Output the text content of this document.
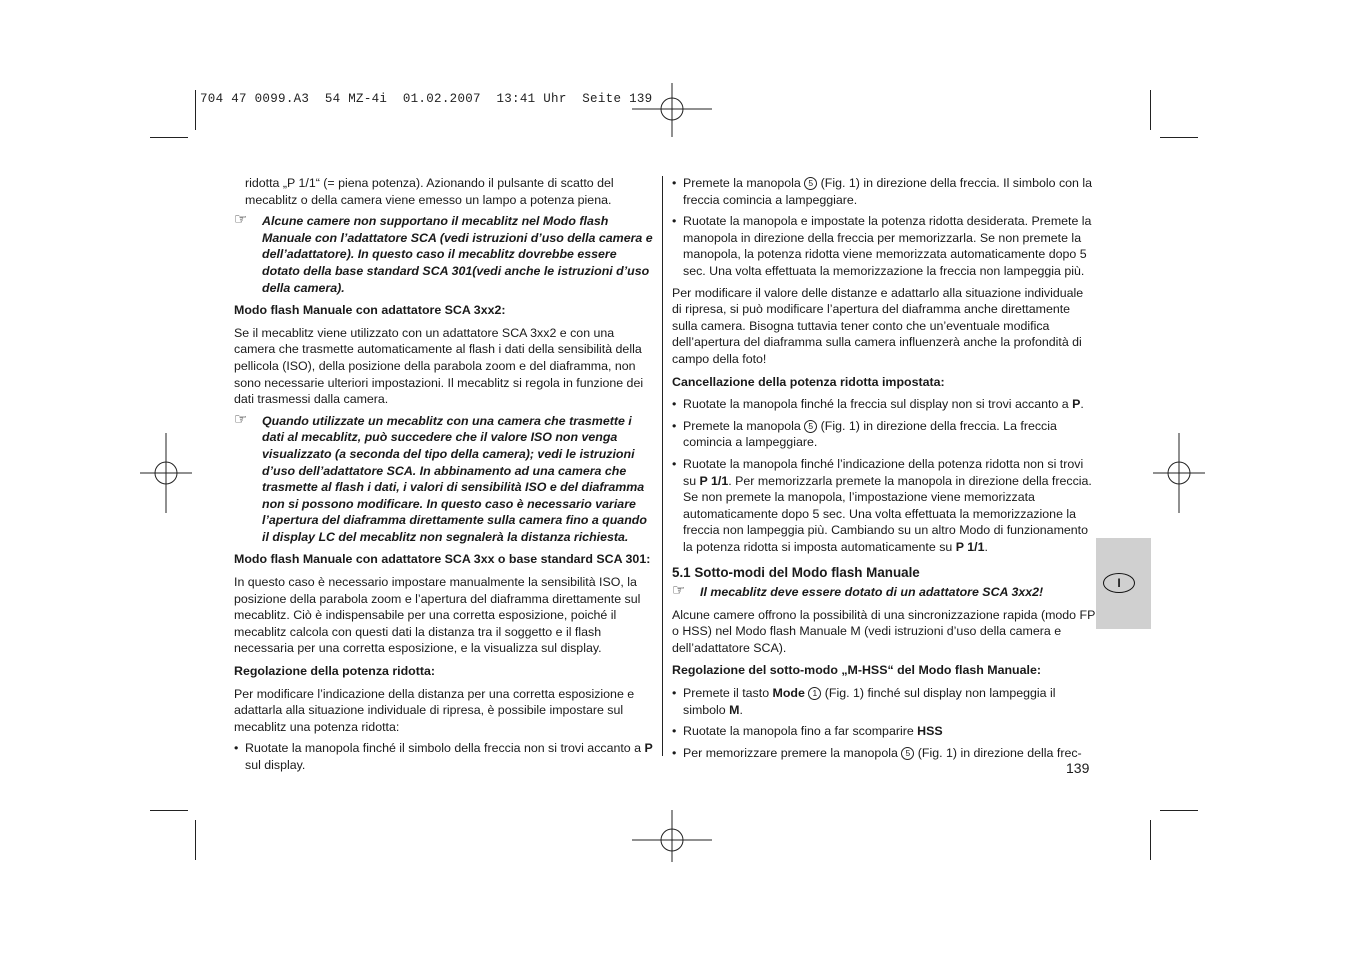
704 47 0099.A3  54 MZ-4i  01.02.2007  13:41 Uhr  Seite 139

ridotta „P 1/1“ (= piena potenza). Azionando il pulsante di scatto del mecablitz o della camera viene emesso un lampo a potenza piena.

☞ Alcune camere non supportano il mecablitz nel Modo flash Manuale con l’adattatore SCA (vedi istruzioni d’uso della camera e dell’adattatore). In questo caso il mecablitz dovrebbe essere dotato della base standard SCA 301(vedi anche le istruzioni d’uso della camera).

Modo flash Manuale con adattatore SCA 3xx2:

Se il mecablitz viene utilizzato con un adattatore SCA 3xx2 e con una camera che trasmette automaticamente al flash i dati della sensibilità della pellicola (ISO), della posizione della parabola zoom e del diaframma, non sono necessarie ulteriori impostazioni. Il mecablitz si regola in funzione dei dati trasmessi dalla camera.

☞ Quando utilizzate un mecablitz con una camera che trasmette i dati al mecablitz, può succedere che il valore ISO non venga visualizzato (a seconda del tipo della camera); vedi le istruzioni d’uso dell’adattatore SCA. In abbinamento ad una camera che trasmette al flash i dati, i valori di sensibilità ISO e del diaframma non si possono modificare. In questo caso è necessario variare l’apertura del diaframma direttamente sulla camera fino a quando il display LC del mecablitz non segnalerà la distanza richiesta.

Modo flash Manuale con adattatore SCA 3xx o base standard SCA 301:

In questo caso è necessario impostare manualmente la sensibilità ISO, la posizione della parabola zoom e l’apertura del diaframma direttamente sul mecablitz. Ciò è indispensabile per una corretta esposizione, poiché il mecablitz calcola con questi dati la distanza tra il soggetto e il flash necessaria per una corretta esposizione, e la visualizza sul display.

Regolazione della potenza ridotta:

Per modificare l’indicazione della distanza per una corretta esposizione e adattarla alla situazione individuale di ripresa, è possibile impostare sul mecablitz una potenza ridotta:

• Ruotate la manopola finché il simbolo della freccia non si trovi accanto a P sul display.
• Premete la manopola 5 (Fig. 1) in direzione della freccia. Il simbolo con la freccia comincia a lampeggiare.
• Ruotate la manopola e impostate la potenza ridotta desiderata. Premete la manopola in direzione della freccia per memorizzarla. Se non premete la manopola, la potenza ridotta viene memorizzata automaticamente dopo 5 sec. Una volta effettuata la memorizzazione la freccia non lampeggia più.

Per modificare il valore delle distanze e adattarlo alla situazione individuale di ripresa, si può modificare l’apertura del diaframma anche direttamente sulla camera. Bisogna tuttavia tener conto che un’eventuale modifica dell’apertura del diaframma sulla camera influenzerà anche la profondità di campo della foto!

Cancellazione della potenza ridotta impostata:

• Ruotate la manopola finché la freccia sul display non si trovi accanto a P.
• Premete la manopola 5 (Fig. 1) in direzione della freccia. La freccia comincia a lampeggiare.
• Ruotate la manopola finché l’indicazione della potenza ridotta non si trovi su P 1/1. Per memorizzarla premete la manopola in direzione della freccia. Se non premete la manopola, l’impostazione viene memorizzata automaticamente dopo 5 sec. Una volta effettuata la memorizzazione la freccia non lampeggia più. Cambiando su un altro Modo di funzionamento la potenza ridotta si imposta automaticamente su P 1/1.

5.1 Sotto-modi del Modo flash Manuale

☞ Il mecablitz deve essere dotato di un adattatore SCA 3xx2!

Alcune camere offrono la possibilità di una sincronizzazione rapida (modo FP o HSS) nel Modo flash Manuale M (vedi istruzioni d’uso della camera e dell’adattatore SCA).

Regolazione del sotto-modo „M-HSS“ del Modo flash Manuale:

• Premete il tasto Mode 1 (Fig. 1) finché sul display non lampeggia il simbolo M.
• Ruotate la manopola fino a far scomparire HSS
• Per memorizzare premere la manopola 5 (Fig. 1) in direzione della frec-
I
139
